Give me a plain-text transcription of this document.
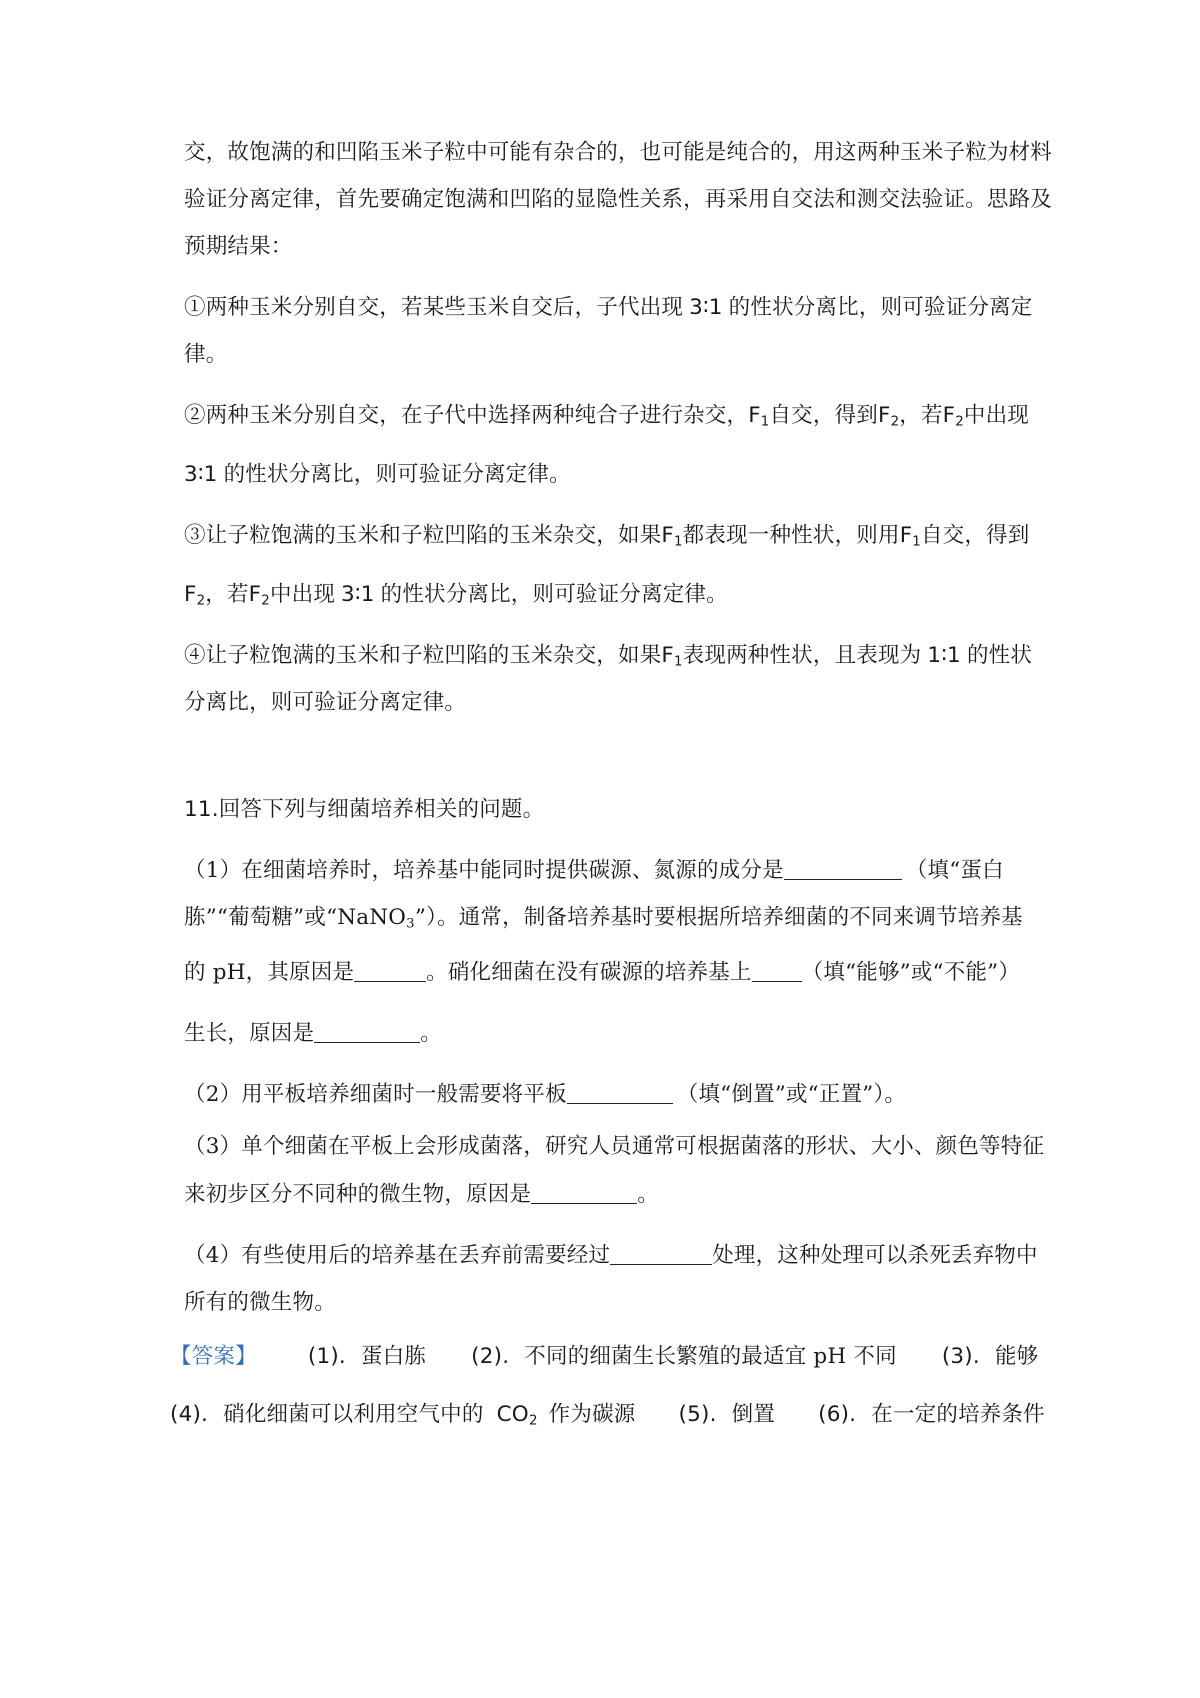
交，故饱满的和凹陷玉米子粒中可能有杂合的，也可能是纯合的，用这两种玉米子粒为材料
验证分离定律，首先要确定饱满和凹陷的显隐性关系，再采用自交法和测交法验证。思路及
预期结果：
①两种玉米分别自交，若某些玉米自交后，子代出现 3∶1 的性状分离比，则可验证分离定
律。
②两种玉米分别自交，在子代中选择两种纯合子进行杂交，$F_1$自交，得到$F_2$，若$F_2$中出现
3∶1 的性状分离比，则可验证分离定律。
③让子粒饱满的玉米和子粒凹陷的玉米杂交，如果$F_1$都表现一种性状，则用$F_1$自交，得到
$F_2$，若$F_2$中出现 3∶1 的性状分离比，则可验证分离定律。
④让子粒饱满的玉米和子粒凹陷的玉米杂交，如果$F_1$表现两种性状，且表现为 1∶1 的性状
分离比，则可验证分离定律。
11.回答下列与细菌培养相关的问题。
（1）在细菌培养时，培养基中能同时提供碳源、氮源的成分是	（填“蛋白
胨”“葡萄糖”或“NaNO$_3$”）。通常，制备培养基时要根据所培养细菌的不同来调节培养基
的 pH，其原因是	。硝化细菌在没有碳源的培养基上 （填“能够”或“不能”）
生长，原因是	。
（2）用平板培养细菌时一般需要将平板	（填“倒置”或“正置”）。
（3）单个细菌在平板上会形成菌落，研究人员通常可根据菌落的形状、大小、颜色等特征
来初步区分不同种的微生物，原因是	。
（4）有些使用后的培养基在丢弃前需要经过	处理，这种处理可以杀死丢弃物中
所有的微生物。
【答案】 (1). 蛋白胨 (2). 不同的细菌生长繁殖的最适宜 pH 不同 (3). 能够
(4). 硝化细菌可以利用空气中的 $CO_2$ 作为碳源 (5). 倒置 (6). 在一定的培养条件
